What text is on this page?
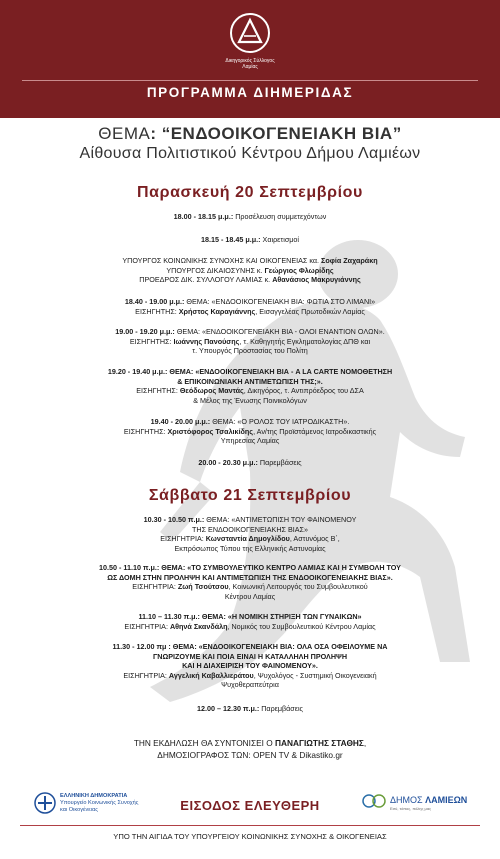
Δικηγορικός Σύλλογος
Λαμίας
ΠΡΟΓΡΑΜΜΑ ΔΙΗΜΕΡΙΔΑΣ
ΘΕΜΑ: “ΕΝΔΟΟΙΚΟΓΕΝΕΙΑΚΗ ΒΙΑ”
Αίθουσα Πολιτιστικού Κέντρου Δήμου Λαμιέων
Παρασκευή 20 Σεπτεμβρίου
18.00 - 18.15 μ.μ.: Προσέλευση συμμετεχόντων
18.15 - 18.45 μ.μ.: Χαιρετισμοί
ΥΠΟΥΡΓΟΣ ΚΟΙΝΩΝΙΚΗΣ ΣΥΝΟΧΗΣ ΚΑΙ ΟΙΚΟΓΕΝΕΙΑΣ κα. Σοφία Ζαχαράκη
ΥΠΟΥΡΓΟΣ ΔΙΚΑΙΟΣΥΝΗΣ κ. Γεώργιος Φλωρίδης
ΠΡΟΕΔΡΟΣ ΔΙΚ. ΣΥΛΛΟΓΟΥ ΛΑΜΙΑΣ κ. Αθανάσιος Μακρυγιάννης
18.40 - 19.00 μ.μ.: ΘΕΜΑ: «ΕΝΔΟΟΙΚΟΓΕΝΕΙΑΚΗ ΒΙΑ: ΦΩΤΙΑ ΣΤΟ ΛΙΜΑΝΙ»
ΕΙΣΗΓΗΤΗΣ: Χρήστος Καραγιάννης, Εισαγγελέας Πρωτοδικών Λαμίας
19.00 - 19.20 μ.μ.: ΘΕΜΑ: «ΕΝΔΟΟΙΚΟΓΕΝΕΙΑΚΗ ΒΙΑ - ΟΛΟΙ ΕΝΑΝΤΙΟΝ ΟΛΩΝ».
ΕΙΣΗΓΗΤΗΣ: Ιωάννης Πανούσης, τ. Καθηγητής Εγκληματολογίας ΔΠΘ και
τ. Υπουργός Προστασίας του Πολίτη
19.20 - 19.40 μ.μ.: ΘΕΜΑ: «ΕΝΔΟΟΙΚΟΓΕΝΕΙΑΚΗ ΒΙΑ - A LA CARTE ΝΟΜΟΘΕΤΗΣΗ
& ΕΠΙΚΟΙΝΩΝΙΑΚΗ ΑΝΤΙΜΕΤΩΠΙΣΗ ΤΗΣ;».
ΕΙΣΗΓΗΤΗΣ: Θεόδωρος Μαντάς, Δικηγόρος, τ. Αντιπρόεδρος του ΔΣΑ
& Μέλος της Ένωσης Ποινικολόγων
19.40 - 20.00 μ.μ.: ΘΕΜΑ: «Ο ΡΟΛΟΣ ΤΟΥ ΙΑΤΡΟΔΙΚΑΣΤΗ».
ΕΙΣΗΓΗΤΗΣ: Χριστόφορος Τσαλικίδης, Αν/της Προϊστάμενος Ιατροδικαστικής
Υπηρεσίας Λαμίας
20.00 - 20.30 μ.μ.: Παρεμβάσεις
Σάββατο 21 Σεπτεμβρίου
10.30 - 10.50 π.μ.: ΘΕΜΑ: «ΑΝΤΙΜΕΤΩΠΙΣΗ ΤΟΥ ΦΑΙΝΟΜΕΝΟΥ
ΤΗΣ ΕΝΔΟΟΙΚΟΓΕΝΕΙΑΚΗΣ ΒΙΑΣ»
ΕΙΣΗΓΗΤΡΙΑ: Κωνσταντία Δημογλίδου, Αστυνόμος Β΄,
Εκπρόσωπος Τύπου της Ελληνικής Αστυνομίας
10.50 - 11.10 π.μ.: ΘΕΜΑ: «ΤΟ ΣΥΜΒΟΥΛΕΥΤΙΚΟ ΚΕΝΤΡΟ ΛΑΜΙΑΣ ΚΑΙ Η ΣΥΜΒΟΛΗ ΤΟΥ
ΩΣ ΔΟΜΗ ΣΤΗΝ ΠΡΟΛΗΨΗ ΚΑΙ ΑΝΤΙΜΕΤΩΠΙΣΗ ΤΗΣ ΕΝΔΟΟΙΚΟΓΕΝΕΙΑΚΗΣ ΒΙΑΣ».
ΕΙΣΗΓΗΤΡΙΑ: Ζωή Τσούτσου, Κοινωνική Λειτουργός του Συμβουλευτικού
Κέντρου Λαμίας
11.10 – 11.30 π.μ.: ΘΕΜΑ: «Η ΝΟΜΙΚΗ ΣΤΗΡΙΞΗ ΤΩΝ ΓΥΝΑΙΚΩΝ»
ΕΙΣΗΓΗΤΡΙΑ: Αθηνά Σκανδάλη, Νομικός του Συμβουλευτικού Κέντρου Λαμίας
11.30 - 12.00 πμ : ΘΕΜΑ: «ΕΝΔΟΟΙΚΟΓΕΝΕΙΑΚΗ ΒΙΑ: ΟΛΑ ΟΣΑ ΟΦΕΙΛΟΥΜΕ ΝΑ
ΓΝΩΡΙΖΟΥΜΕ ΚΑΙ ΠΟΙΑ ΕΙΝΑΙ Η ΚΑΤΑΛΛΗΛΗ ΠΡΟΛΗΨΗ
ΚΑΙ Η ΔΙΑΧΕΙΡΙΣΗ ΤΟΥ ΦΑΙΝΟΜΕΝΟΥ».
ΕΙΣΗΓΗΤΡΙΑ: Αγγελική Καβαλλιεράτου, Ψυχολόγος - Συστημική Οικογενειακή
Ψυχοθεραπεύτρια
12.00 – 12.30 π.μ.: Παρεμβάσεις
ΤΗΝ ΕΚΔΗΛΩΣΗ ΘΑ ΣΥΝΤΟΝΙΣΕΙ Ο ΠΑΝΑΓΙΩΤΗΣ ΣΤΑΘΗΣ,
ΔΗΜΟΣΙΟΓΡΑΦΟΣ ΤΩΝ: OPEN TV & Dikastiko.gr
ΕΛΛΗΝΙΚΗ ΔΗΜΟΚΡΑΤΙΑ
Υπουργείο Κοινωνικής Συνοχής
και Οικογένειας	ΕΙΣΟΔΟΣ ΕΛΕΥΘΕΡΗ	ΔΗΜΟΣ ΛΑΜΙΕΩΝ
Εσύ, τόπος, πόλης μας
ΥΠΟ ΤΗΝ ΑΙΓΙΔΑ ΤΟΥ ΥΠΟΥΡΓΕΙΟΥ ΚΟΙΝΩΝΙΚΗΣ ΣΥΝΟΧΗΣ & ΟΙΚΟΓΕΝΕΙΑΣ
